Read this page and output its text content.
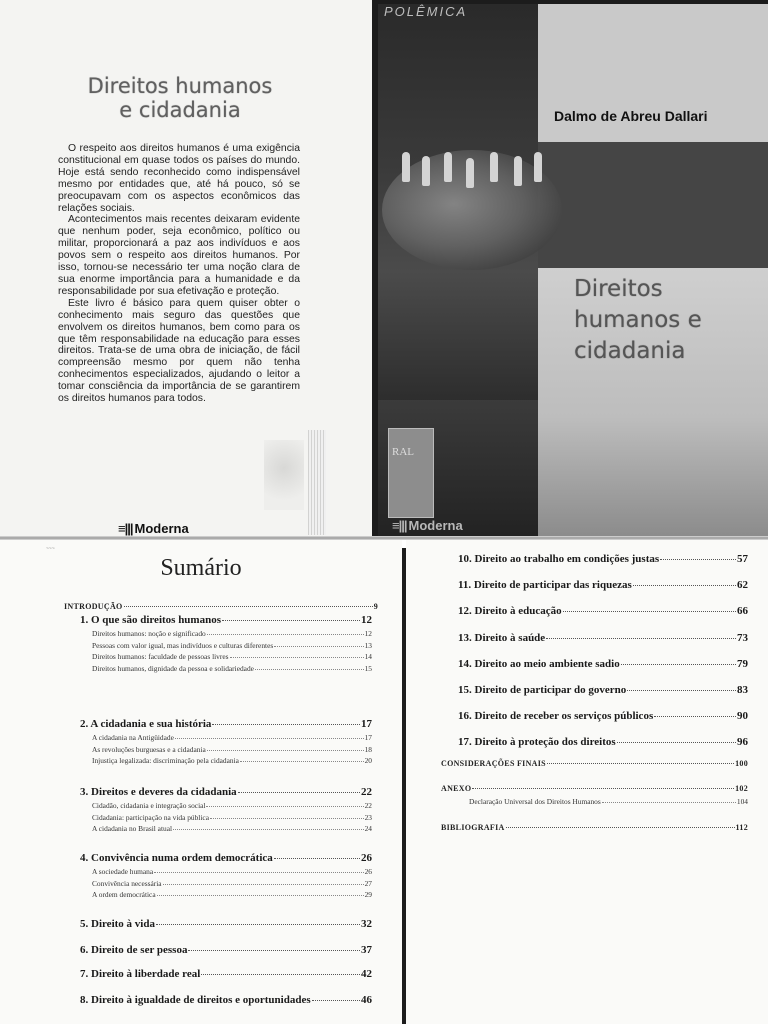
Direitos humanos
e cidadania

O respeito aos direitos humanos é uma exigência constitucional em quase todos os países do mundo. Hoje está sendo reconhecido como indispensável mesmo por entidades que, até há pouco, só se preocupavam com os aspectos econômicos das relações sociais.

Acontecimentos mais recentes deixaram evidente que nenhum poder, seja econômico, político ou militar, proporcionará a paz aos indivíduos e aos povos sem o respeito aos direitos humanos. Por isso, tornou-se necessário ter uma noção clara de sua enorme importância para a humanidade e da responsabilidade por sua efetivação e proteção.

Este livro é básico para quem quiser obter o conhecimento mais seguro das questões que envolvem os direitos humanos, bem como para os que têm responsabilidade na educação para esses direitos. Trata-se de uma obra de iniciação, de fácil compreensão mesmo por quem não tenha conhecimentos especializados, ajudando o leitor a tomar consciência da importância de se garantirem os direitos humanos para todos.

≡||| Moderna
POLÊMICA
Dalmo de Abreu Dallari
Direitos
humanos e
cidadania
RAL
≡||| Moderna
~~~
Sumário
INTRODUÇÃO	9
1. O que são direitos humanos	12
Direitos humanos: noção e significado	12
Pessoas com valor igual, mas indivíduos e culturas diferentes	13
Direitos humanos: faculdade de pessoas livres	14
Direitos humanos, dignidade da pessoa e solidariedade	15
2. A cidadania e sua história	17
A cidadania na Antigüidade	17
As revoluções burguesas e a cidadania	18
Injustiça legalizada: discriminação pela cidadania	20
3. Direitos e deveres da cidadania	22
Cidadão, cidadania e integração social	22
Cidadania: participação na vida pública	23
A cidadania no Brasil atual	24
4. Convivência numa ordem democrática	26
A sociedade humana	26
Convivência necessária	27
A ordem democrática	29
5. Direito à vida	32
6. Direito de ser pessoa	37
7. Direito à liberdade real	42
8. Direito à igualdade de direitos e oportunidades	46
10. Direito ao trabalho em condições justas	57
11. Direito de participar das riquezas	62
12. Direito à educação	66
13. Direito à saúde	73
14. Direito ao meio ambiente sadio	79
15. Direito de participar do governo	83
16. Direito de receber os serviços públicos	90
17. Direito à proteção dos direitos	96
CONSIDERAÇÕES FINAIS	100
ANEXO	102
Declaração Universal dos Direitos Humanos	104
BIBLIOGRAFIA	112
